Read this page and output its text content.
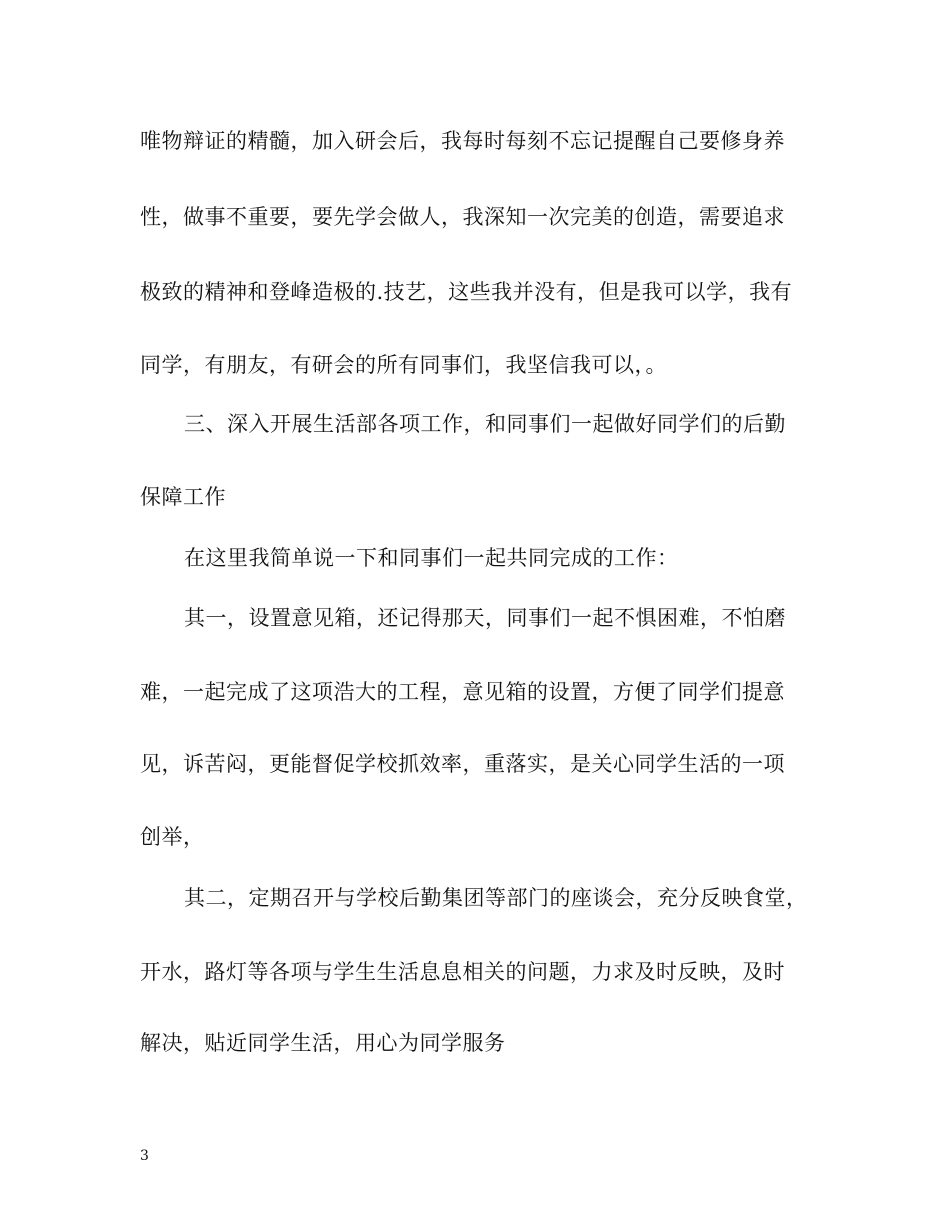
唯物辩证的精髓，加入研会后，我每时每刻不忘记提醒自己要修身养
性，做事不重要，要先学会做人，我深知一次完美的创造，需要追求
极致的精神和登峰造极的.技艺，这些我并没有，但是我可以学，我有
同学，有朋友，有研会的所有同事们，我坚信我可以，。
三、深入开展生活部各项工作，和同事们一起做好同学们的后勤
保障工作
在这里我简单说一下和同事们一起共同完成的工作：
其一，设置意见箱，还记得那天，同事们一起不惧困难，不怕磨
难，一起完成了这项浩大的工程，意见箱的设置，方便了同学们提意
见，诉苦闷，更能督促学校抓效率，重落实，是关心同学生活的一项
创举，
其二，定期召开与学校后勤集团等部门的座谈会，充分反映食堂，
开水，路灯等各项与学生生活息息相关的问题，力求及时反映，及时
解决，贴近同学生活，用心为同学服务
3
